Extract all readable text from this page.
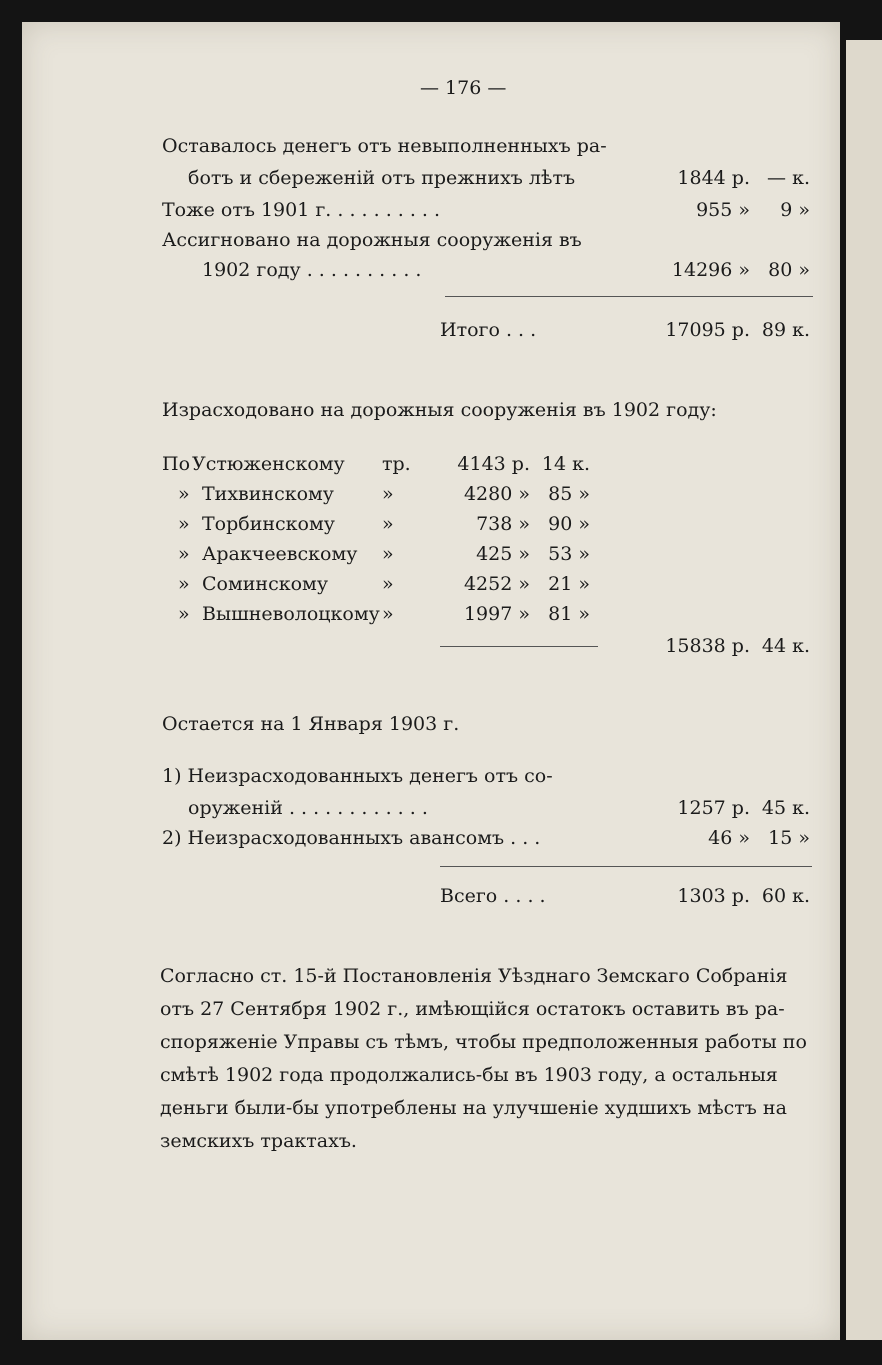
— 176 —
Оставалось денегъ отъ невыполненныхъ ра-
ботъ и сбереженій отъ прежнихъ лѣтъ	1844 р. — к.
Тоже отъ 1901 г. . . . . . . . . .	955 »	9 »
Ассигновано на дорожныя сооруженія въ
1902 году . . . . . . . . . .	14296 » 80 »
Итого . . .	17095 р. 89 к.
Израсходовано на дорожныя сооруженія въ 1902 году:
По Устюженскому тр.	4143 р. 14 к.
» Тихвинскому	»	4280 » 85 »
» Торбинскому »	738 » 90 »
» Аракчеевскому »	425 » 53 »
» Соминскому	»	4252 » 21 »
» Вышневолоцкому »	1997 » 81 »
15838 р. 44 к.
Остается на 1 Января 1903 г.
1) Неизрасходованныхъ денегъ отъ со-
оруженій . . . . . . . . . . . .	1257 р. 45 к.
2) Неизрасходованныхъ авансомъ . . .	46 » 15 »
Всего . . . .	1303 р. 60 к.
Согласно ст. 15-й Постановленія Уѣзднаго Земскаго Собранія
отъ 27 Сентября 1902 г., имѣющійся остатокъ оставить въ ра-
споряженіе Управы съ тѣмъ, чтобы предположенныя работы по
смѣтѣ 1902 года продолжались-бы въ 1903 году, а остальныя
деньги были-бы употреблены на улучшеніе худшихъ мѣстъ на
земскихъ трактахъ.
